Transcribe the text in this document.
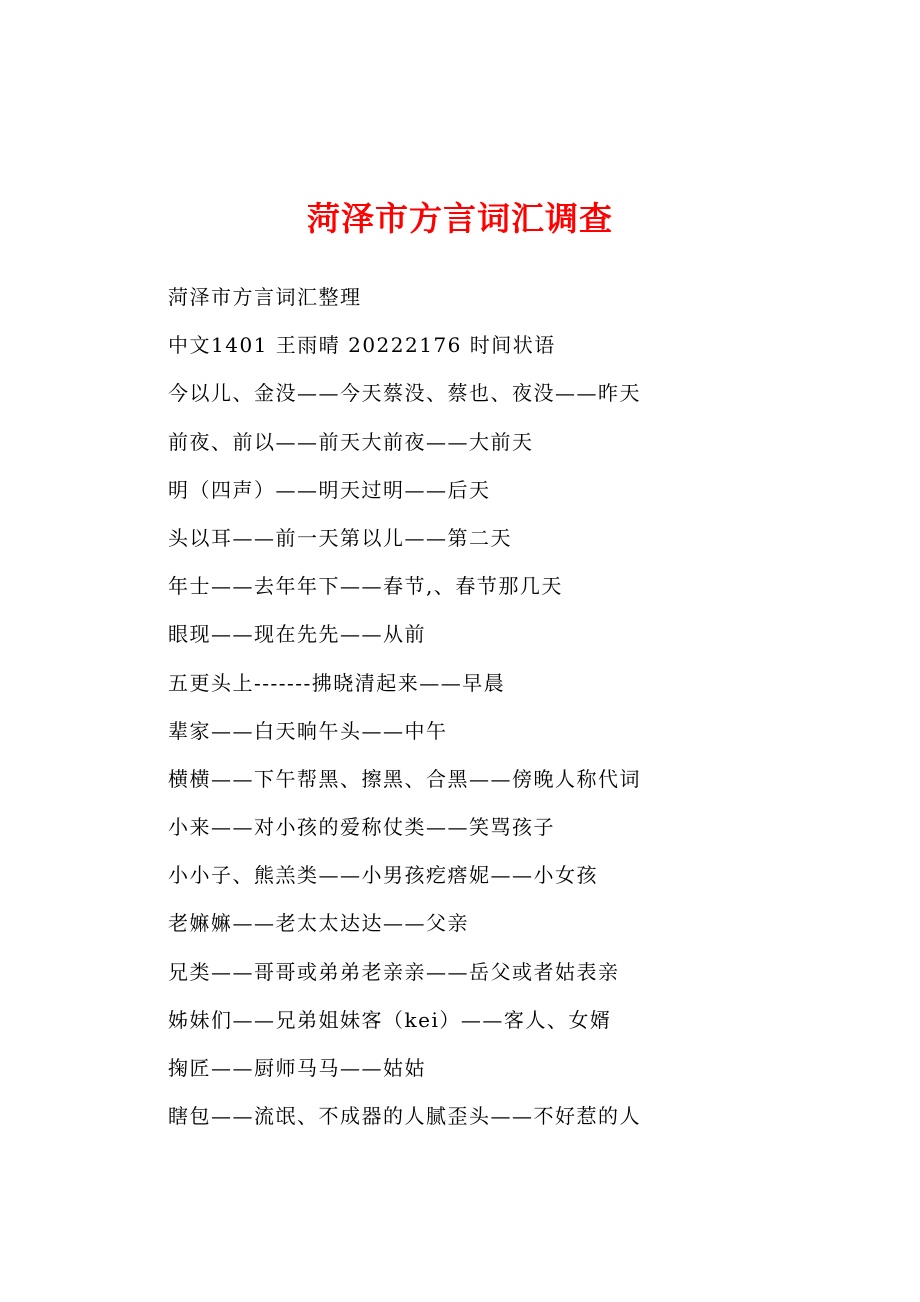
菏泽市方言词汇调查
菏泽市方言词汇整理
中文1401 王雨晴 20222176 时间状语
今以儿、金没——今天蔡没、蔡也、夜没——昨天
前夜、前以——前天大前夜——大前天
明（四声）——明天过明——后天
头以耳——前一天第以儿——第二天
年士——去年年下——春节,、春节那几天
眼现——现在先先——从前
五更头上-------拂晓清起来——早晨
辈家——白天晌午头——中午
横横——下午帮黑、擦黑、合黑——傍晚人称代词
小来——对小孩的爱称仗类——笑骂孩子
小小子、熊羔类——小男孩疙瘩妮——小女孩
老嫲嫲——老太太达达——父亲
兄类——哥哥或弟弟老亲亲——岳父或者姑表亲
姊妹们——兄弟姐妹客（kei）——客人、女婿
掬匠——厨师马马——姑姑
瞎包——流氓、不成器的人腻歪头——不好惹的人
